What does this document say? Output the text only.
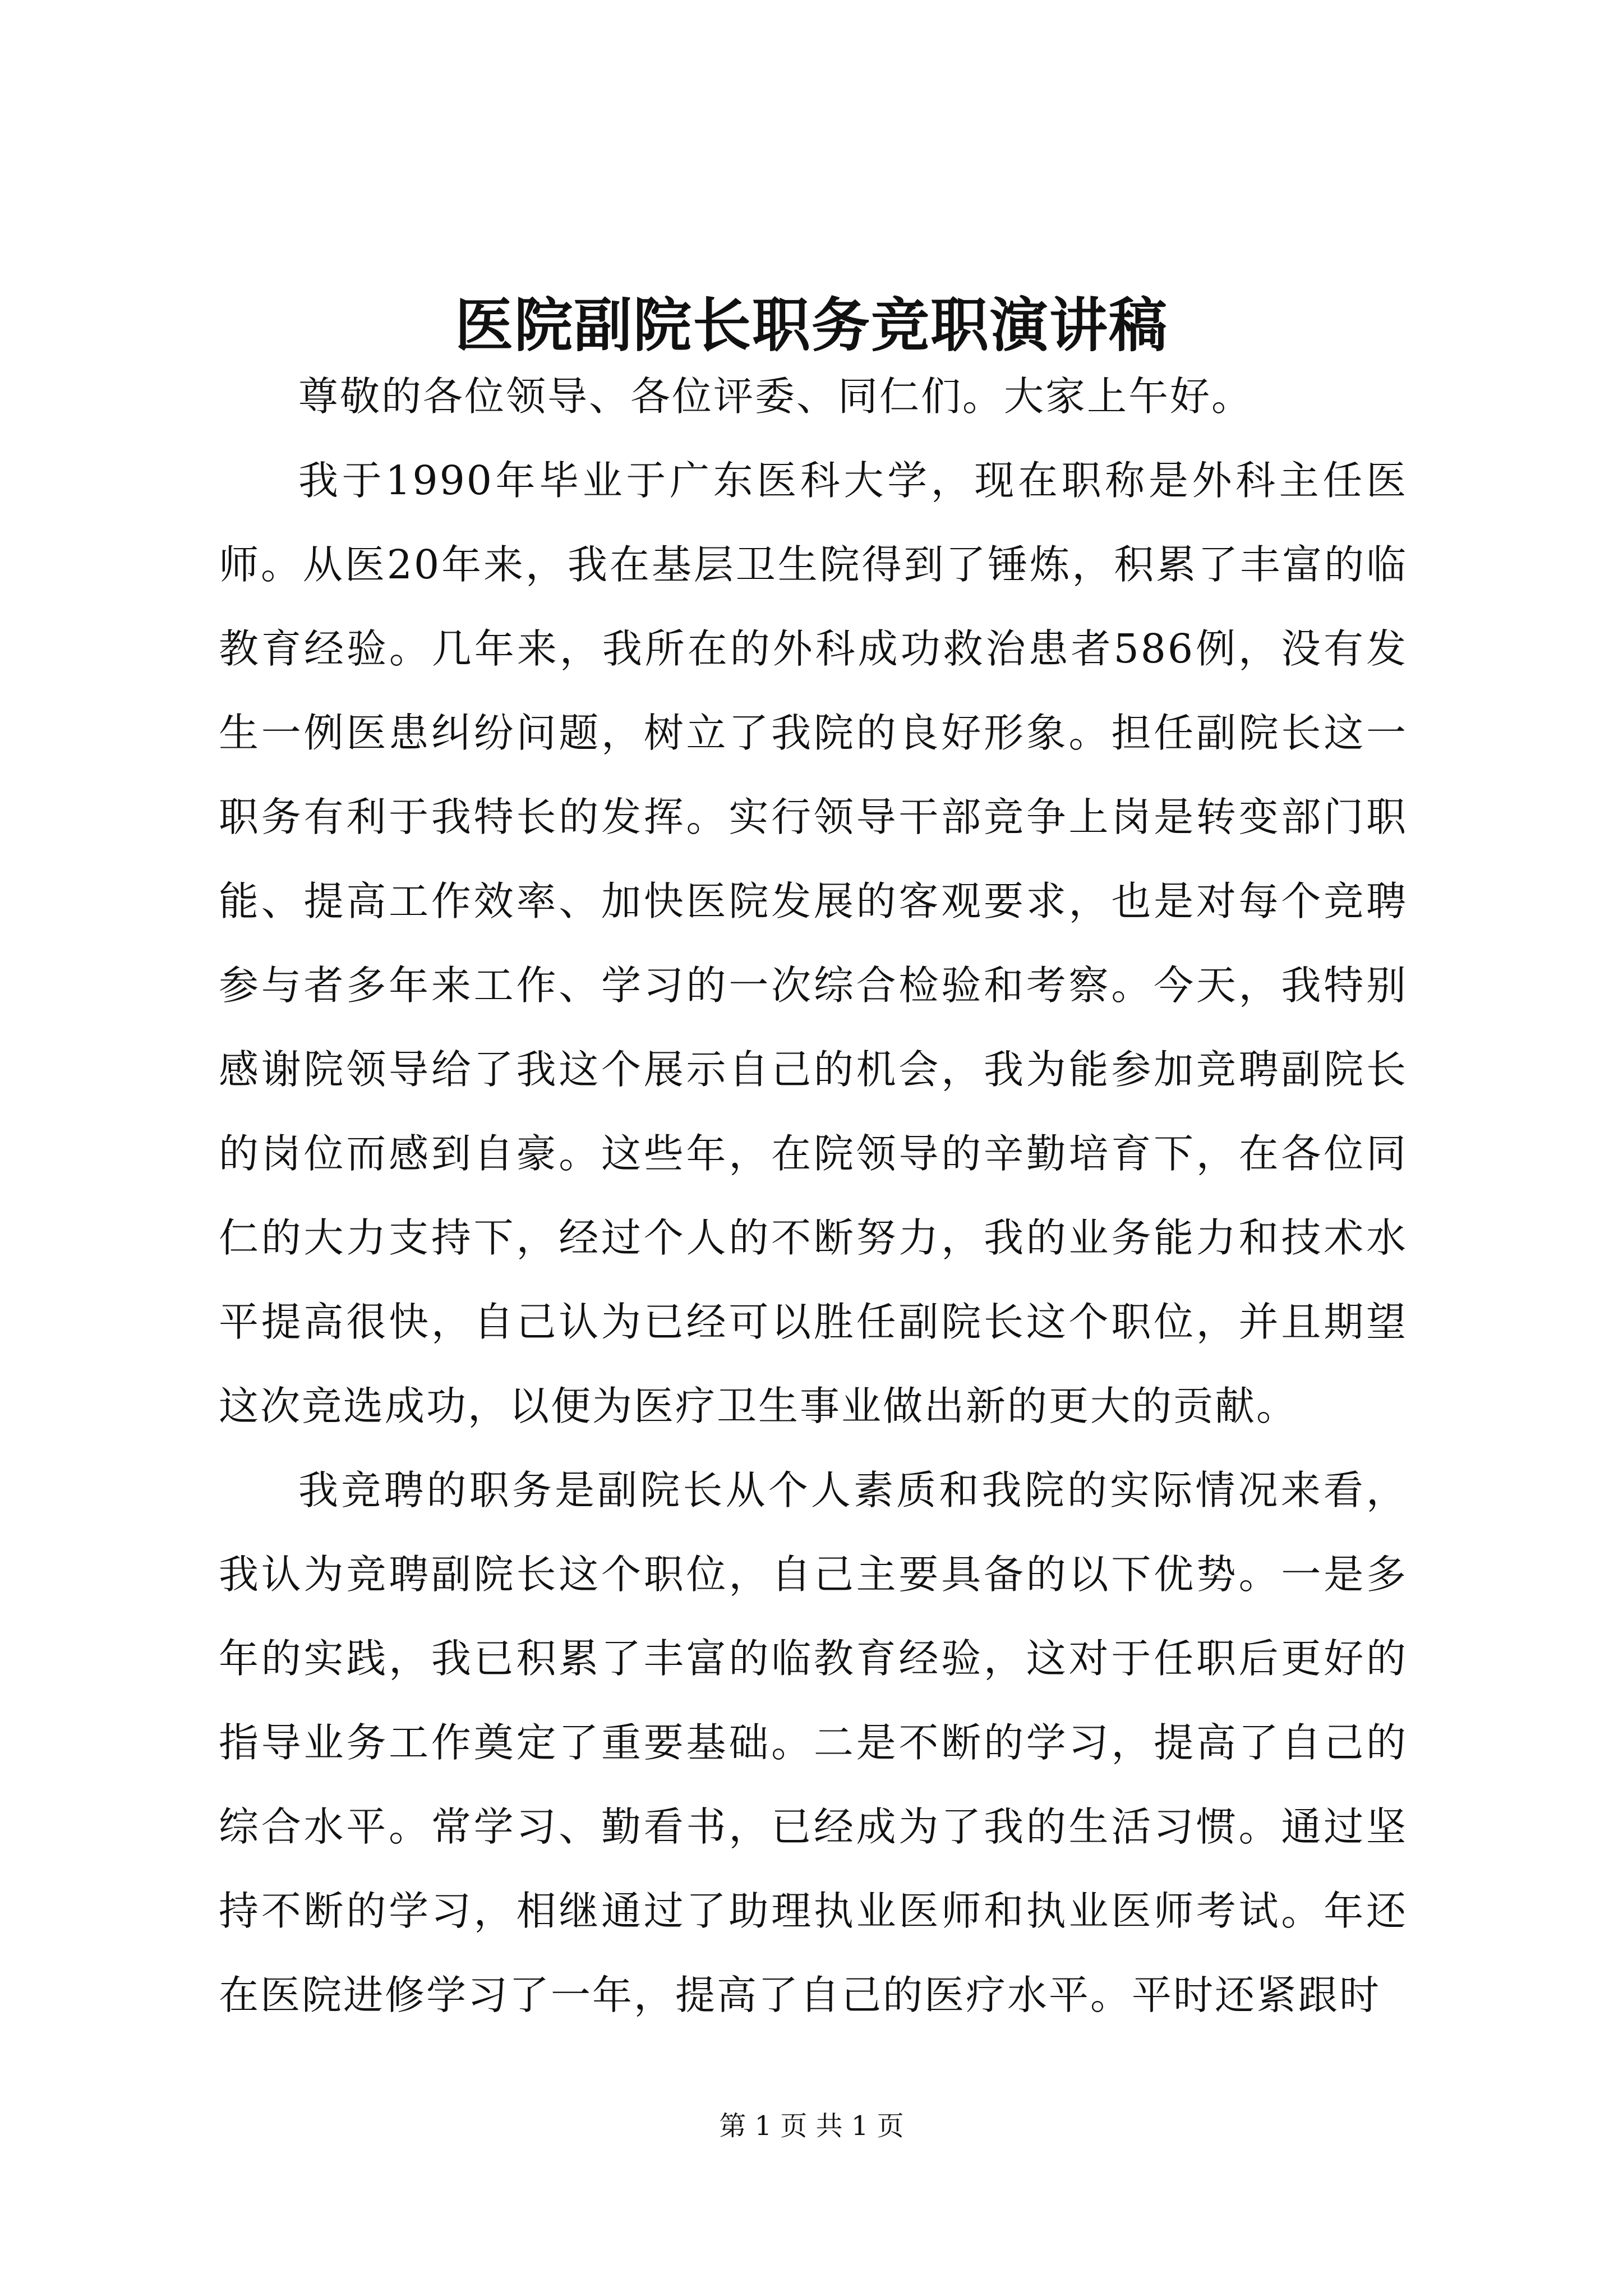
医院副院长职务竞职演讲稿

尊敬的各位领导、各位评委、同仁们。大家上午好。

我于1990年毕业于广东医科大学，现在职称是外科主任医师。从医20年来，我在基层卫生院得到了锤炼，积累了丰富的临教育经验。几年来，我所在的外科成功救治患者586例，没有发生一例医患纠纷问题，树立了我院的良好形象。担任副院长这一职务有利于我特长的发挥。实行领导干部竞争上岗是转变部门职能、提高工作效率、加快医院发展的客观要求，也是对每个竞聘参与者多年来工作、学习的一次综合检验和考察。今天，我特别感谢院领导给了我这个展示自己的机会，我为能参加竞聘副院长的岗位而感到自豪。这些年，在院领导的辛勤培育下，在各位同仁的大力支持下，经过个人的不断努力，我的业务能力和技术水平提高很快，自己认为已经可以胜任副院长这个职位，并且期望这次竞选成功，以便为医疗卫生事业做出新的更大的贡献。

我竞聘的职务是副院长从个人素质和我院的实际情况来看，我认为竞聘副院长这个职位，自己主要具备的以下优势。一是多年的实践，我已积累了丰富的临教育经验，这对于任职后更好的指导业务工作奠定了重要基础。二是不断的学习，提高了自己的综合水平。常学习、勤看书，已经成为了我的生活习惯。通过坚持不断的学习，相继通过了助理执业医师和执业医师考试。年还在医院进修学习了一年，提高了自己的医疗水平。平时还紧跟时

第 1 页 共 1 页
